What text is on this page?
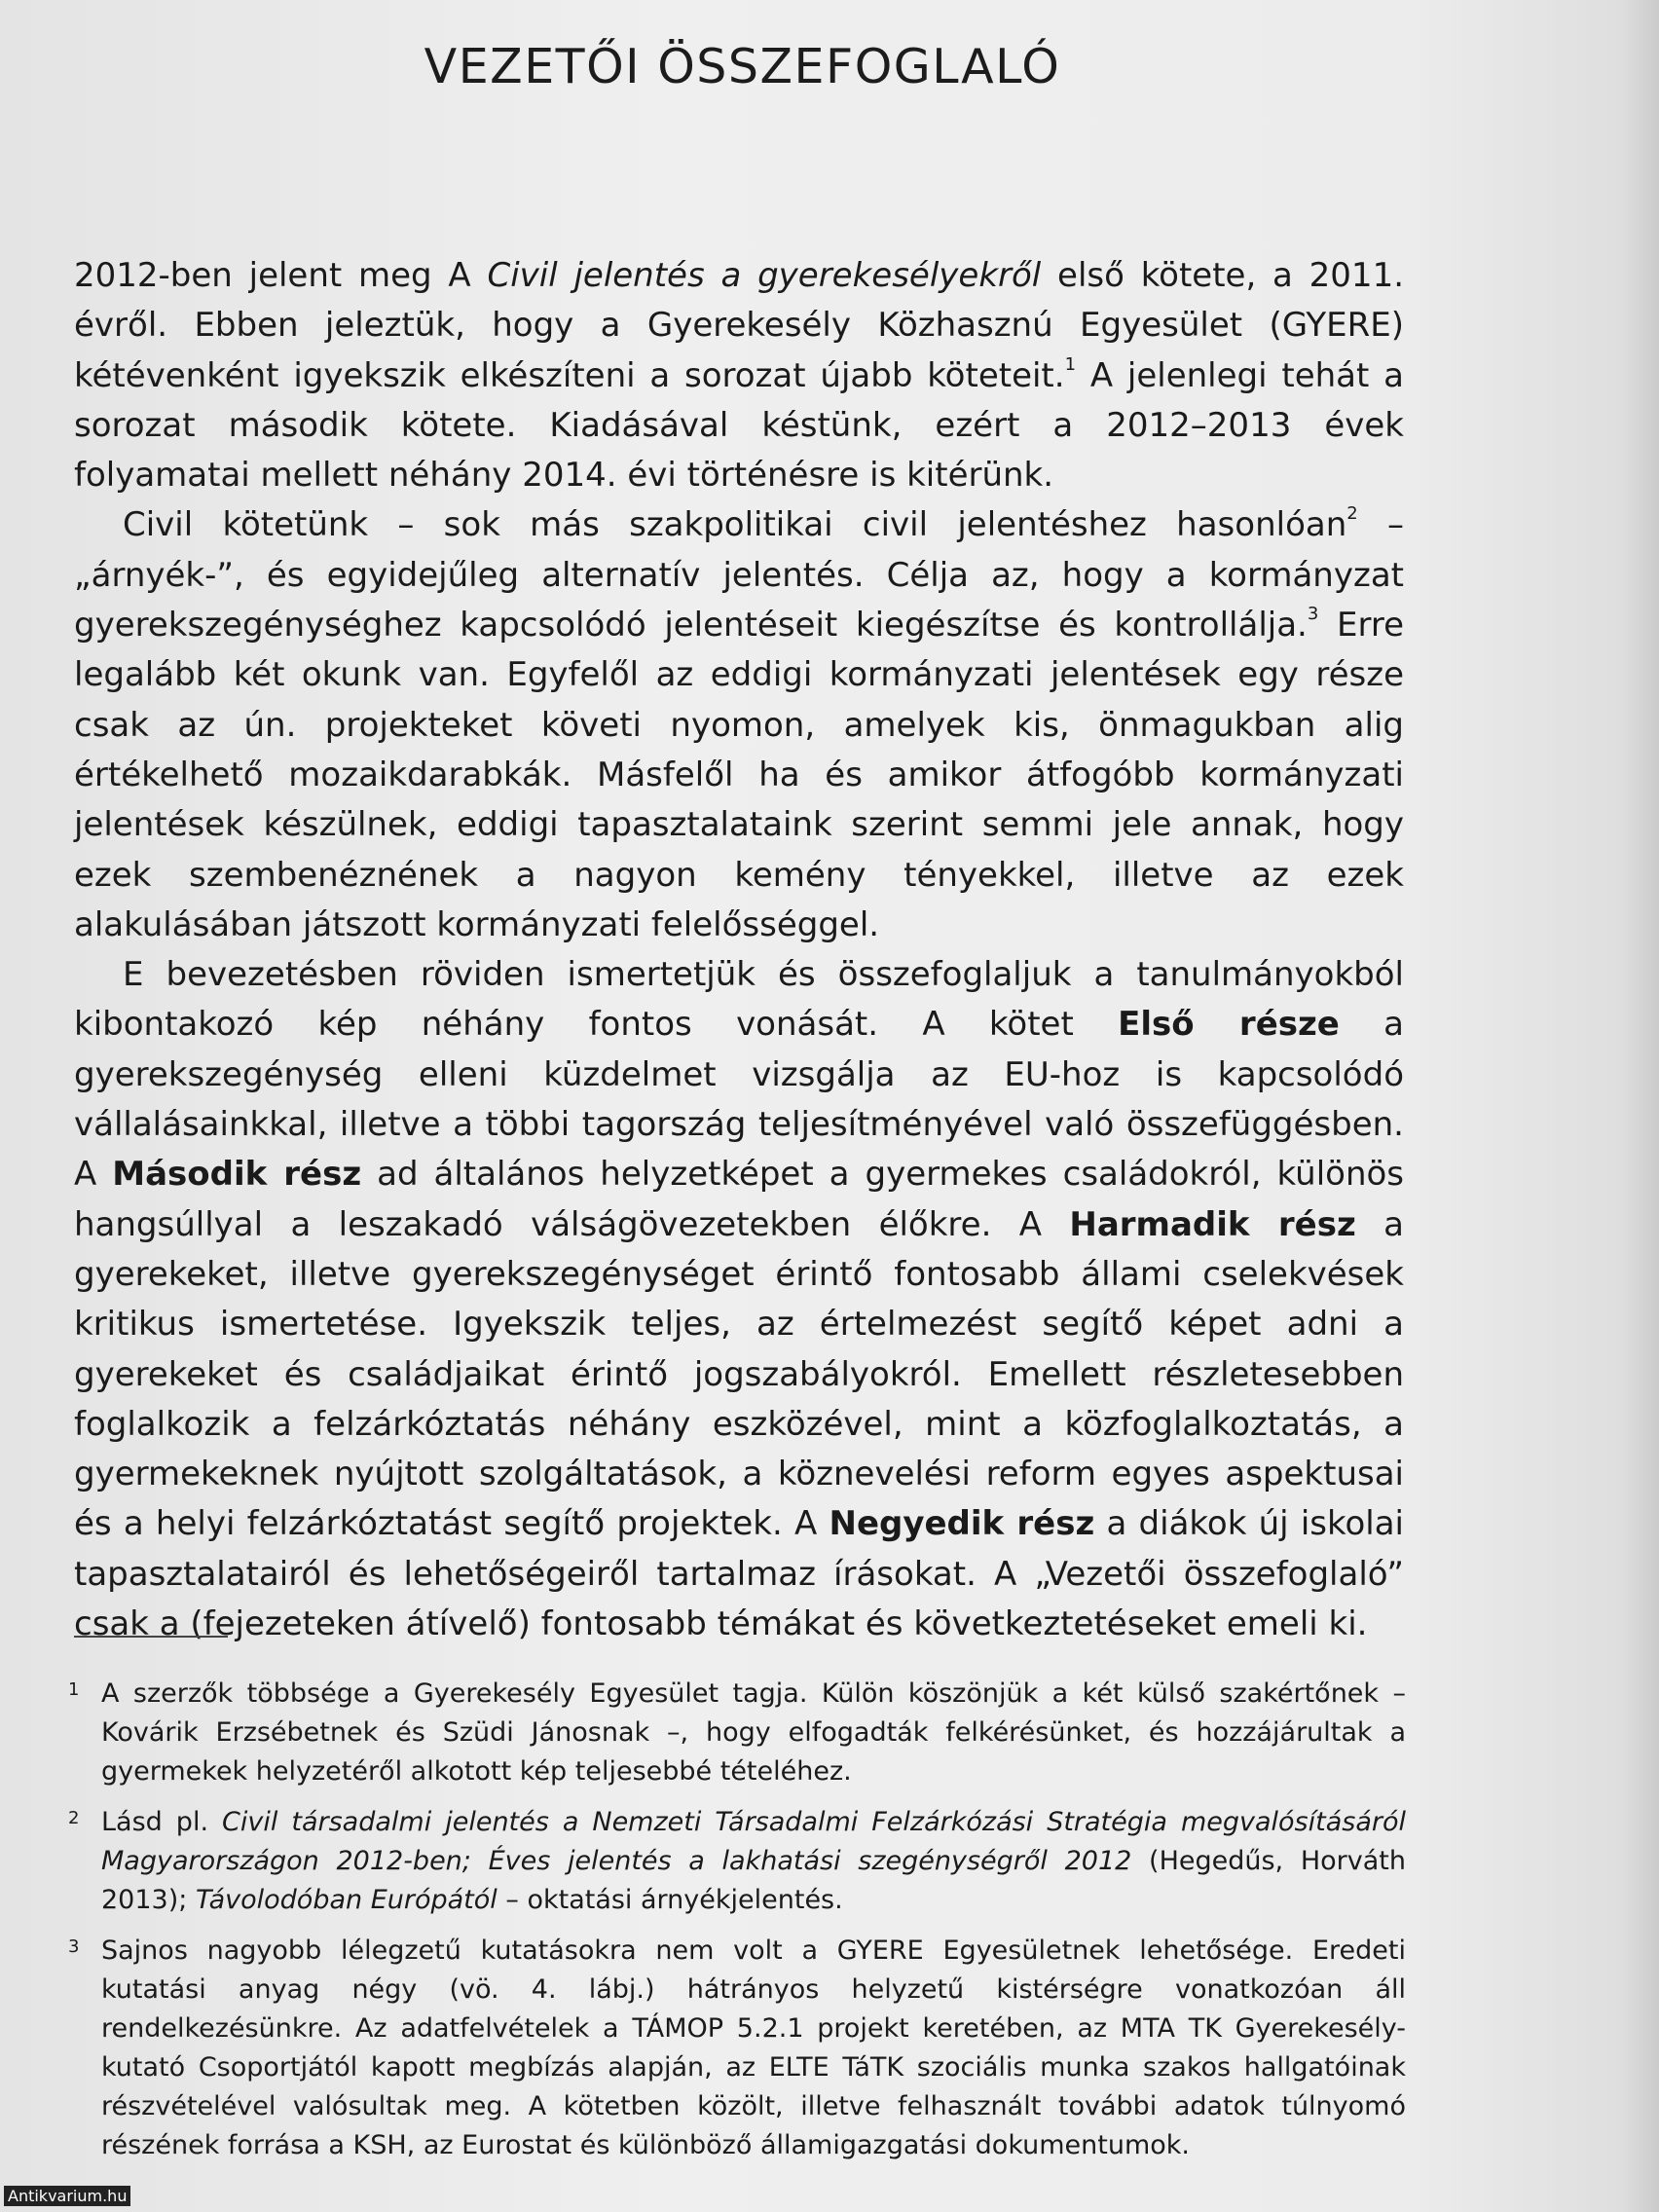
VEZETŐI ÖSSZEFOGLALÓ

2012-ben jelent meg A Civil jelentés a gyerekesélyekről első kötete, a 2011. évről. Ebben jeleztük, hogy a Gyerekesély Közhasznú Egyesület (GYERE) kétévenként igyekszik elkészíteni a sorozat újabb köteteit.$^1$ A jelenlegi tehát a sorozat második kötete. Kiadásával késtünk, ezért a 2012–2013 évek folyamatai mellett néhány 2014. évi történésre is kitérünk.

Civil kötetünk – sok más szakpolitikai civil jelentéshez hasonlóan$^2$ – „árnyék-”, és egyidejűleg alternatív jelentés. Célja az, hogy a kormányzat gyerekszegénységhez kapcsolódó jelentéseit kiegészítse és kontrollálja.$^3$ Erre legalább két okunk van. Egyfelől az eddigi kormányzati jelentések egy része csak az ún. projekteket követi nyomon, amelyek kis, önmagukban alig értékelhető mozaikdarabkák. Másfelől ha és amikor átfogóbb kormányzati jelentések készülnek, eddigi tapasztalataink szerint semmi jele annak, hogy ezek szembenéznének a nagyon kemény tényekkel, illetve az ezek alakulásában játszott kormányzati felelősséggel.

E bevezetésben röviden ismertetjük és összefoglaljuk a tanulmányokból kibontakozó kép néhány fontos vonását. A kötet Első része a gyerekszegénység elleni küzdelmet vizsgálja az EU-hoz is kapcsolódó vállalásainkkal, illetve a többi tagország teljesítményével való összefüggésben. A Második rész ad általános helyzetképet a gyermekes családokról, különös hangsúllyal a leszakadó válságövezetekben élőkre. A Harmadik rész a gyerekeket, illetve gyerekszegénységet érintő fontosabb állami cselekvések kritikus ismertetése. Igyekszik teljes, az értelmezést segítő képet adni a gyerekeket és családjaikat érintő jogszabályokról. Emellett részletesebben foglalkozik a felzárkóztatás néhány eszközével, mint a közfoglalkoztatás, a gyermekeknek nyújtott szolgáltatások, a köznevelési reform egyes aspektusai és a helyi felzárkóztatást segítő projektek. A Negyedik rész a diákok új iskolai tapasztalatairól és lehetőségeiről tartalmaz írásokat. A „Vezetői összefoglaló” csak a (fejezeteken átívelő) fontosabb témákat és következtetéseket emeli ki.

1 A szerzők többsége a Gyerekesély Egyesület tagja. Külön köszönjük a két külső szakértőnek – Kovárik Erzsébetnek és Szüdi Jánosnak –, hogy elfogadták felkérésünket, és hozzájárultak a gyermekek helyzetéről alkotott kép teljesebbé tételéhez.
2 Lásd pl. Civil társadalmi jelentés a Nemzeti Társadalmi Felzárkózási Stratégia megvalósításáról Magyarországon 2012-ben; Éves jelentés a lakhatási szegénységről 2012 (Hegedűs, Horváth 2013); Távolodóban Európától – oktatási árnyékjelentés.
3 Sajnos nagyobb lélegzetű kutatásokra nem volt a GYERE Egyesületnek lehetősége. Eredeti kutatási anyag négy (vö. 4. lábj.) hátrányos helyzetű kistérségre vonatkozóan áll rendelkezésünkre. Az adatfelvételek a TÁMOP 5.2.1 projekt keretében, az MTA TK Gyerekesély-kutató Csoportjától kapott megbízás alapján, az ELTE TáTK szociális munka szakos hallgatóinak részvételével valósultak meg. A kötetben közölt, illetve felhasznált további adatok túlnyomó részének forrása a KSH, az Eurostat és különböző államigazgatási dokumentumok.
Antikvarium.hu
